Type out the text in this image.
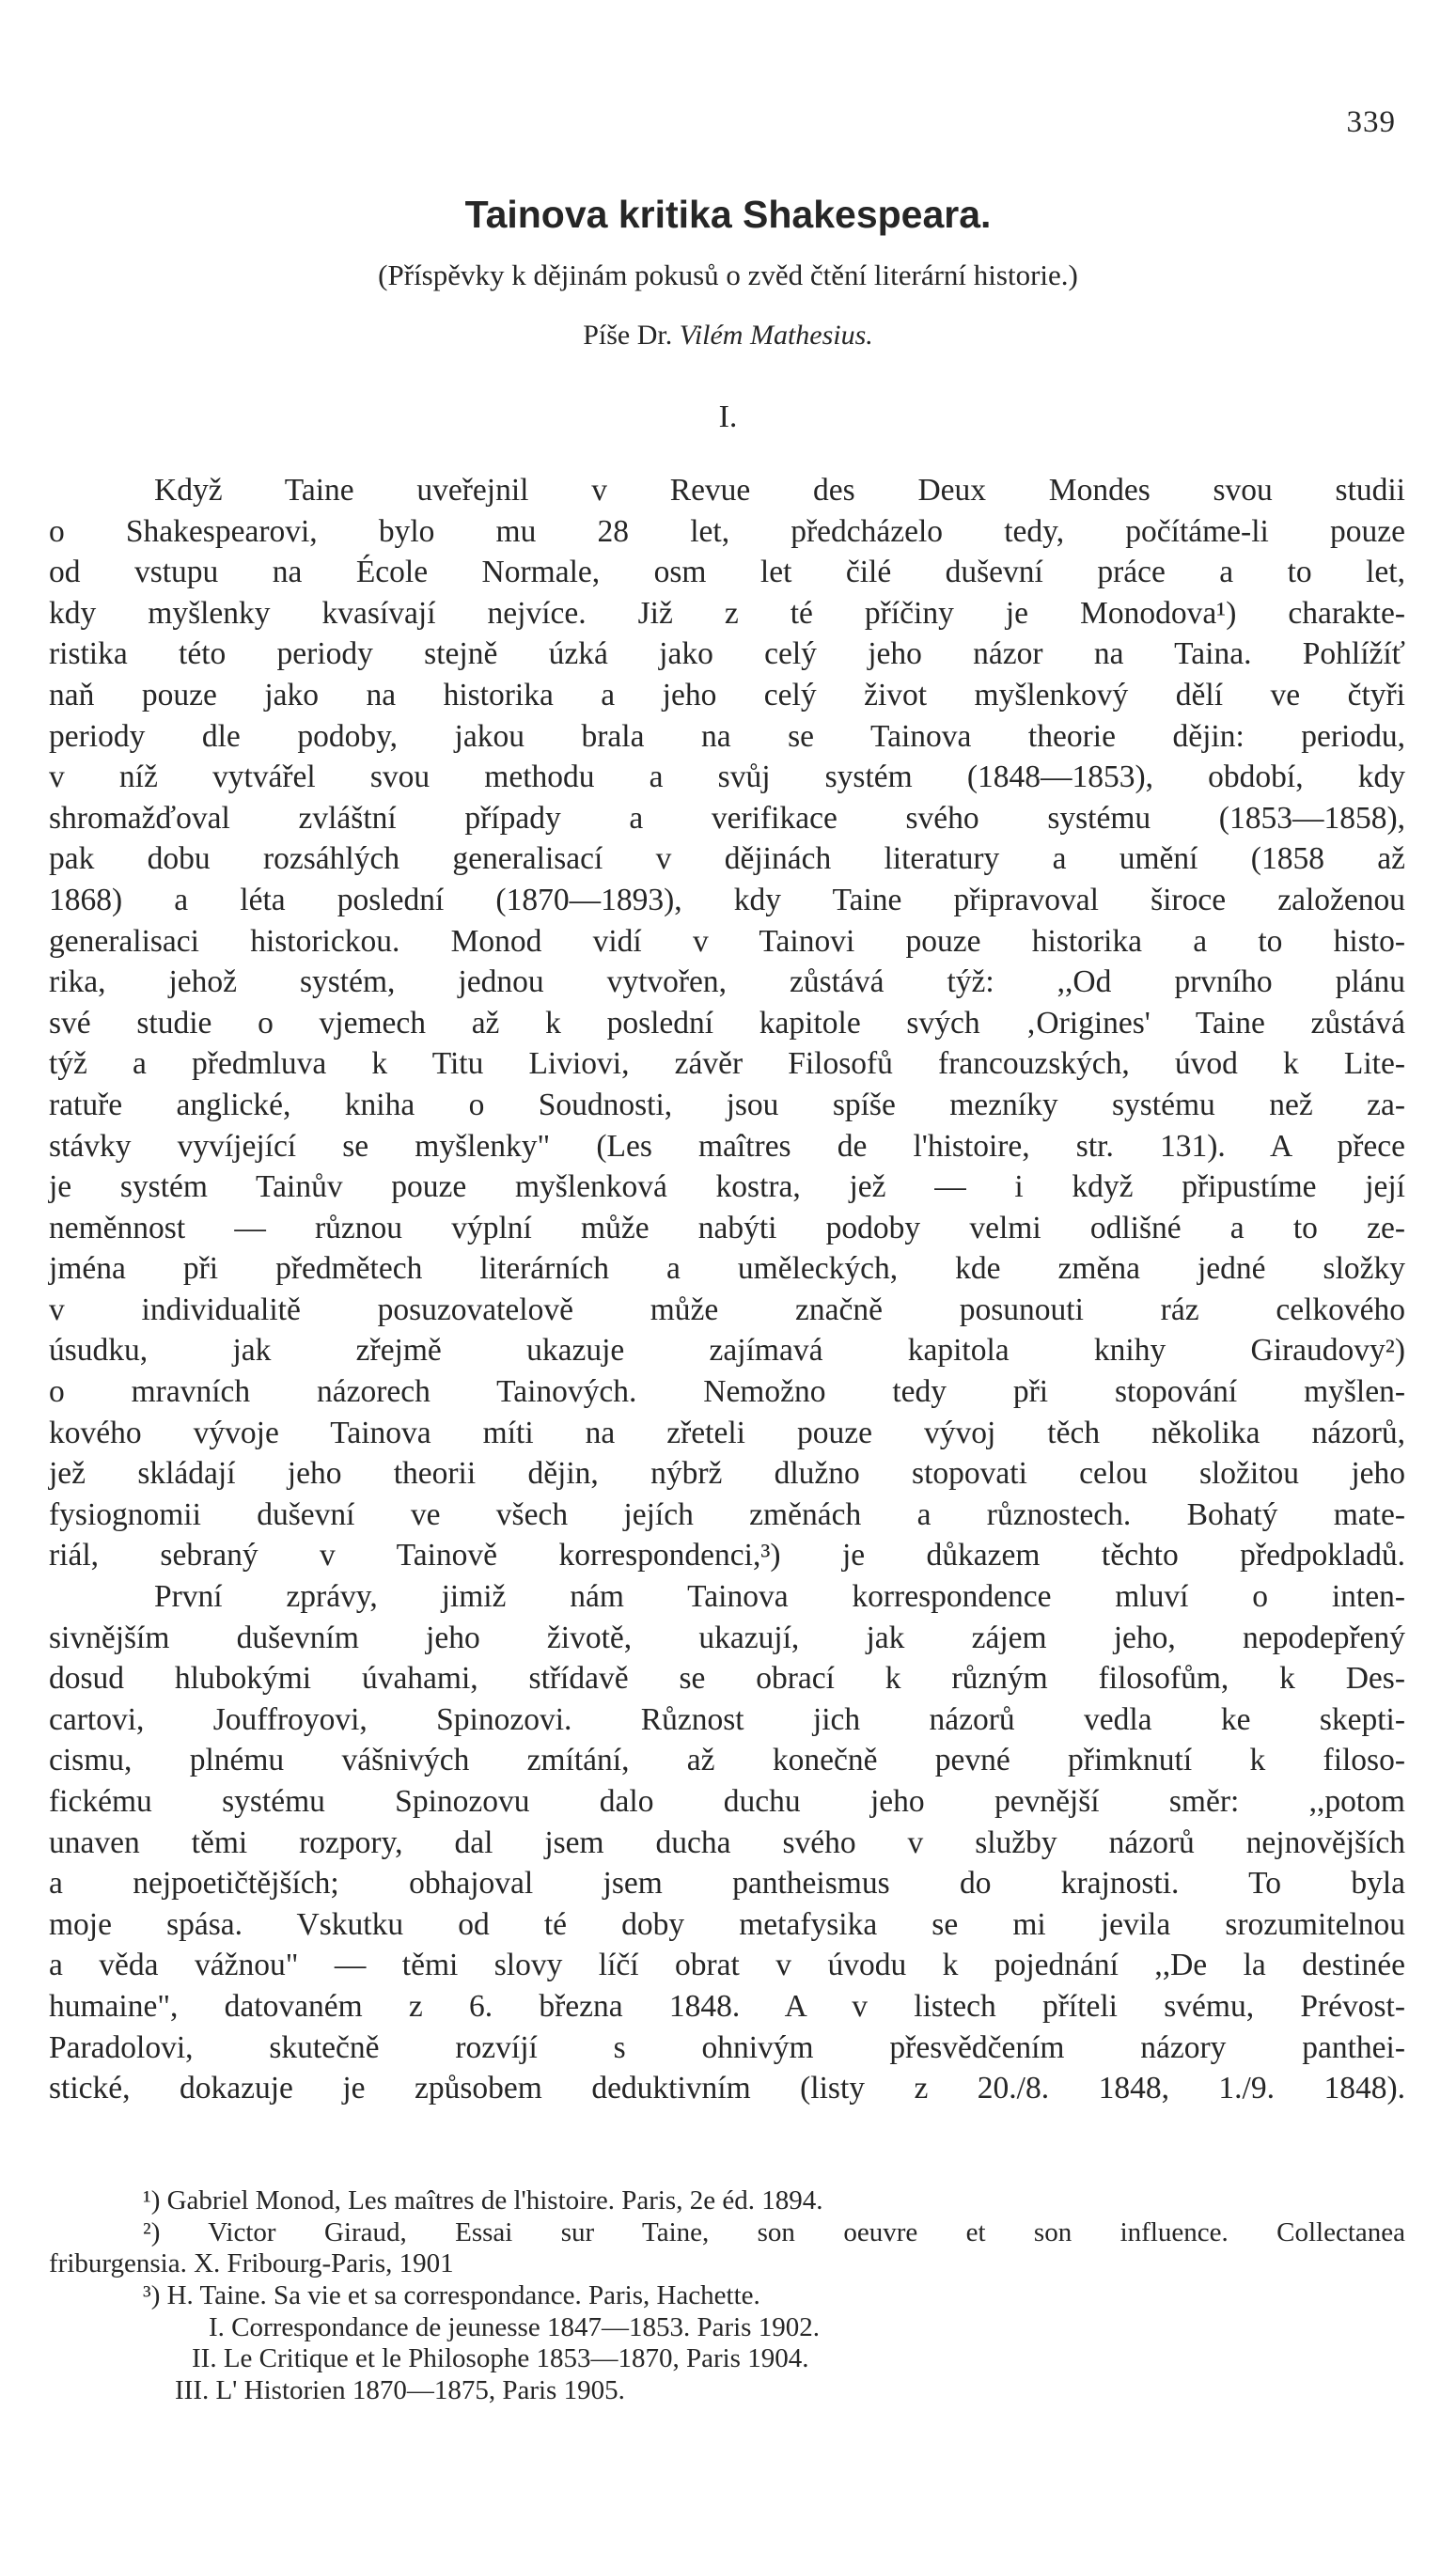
339
Tainova kritika Shakespeara.
(Příspěvky k dějinám pokusů o zvěd čtění literární historie.)
Píše Dr. Vilém Mathesius.
I.
Když Taine uveřejnil v Revue des Deux Mondes svou studii
o Shakespearovi, bylo mu 28 let, předcházelo tedy, počítáme-li pouze
od vstupu na École Normale, osm let čilé duševní práce a to let,
kdy myšlenky kvasívají nejvíce. Již z té příčiny je Monodova¹) charakte-
ristika této periody stejně úzká jako celý jeho názor na Taina. Pohlížíť
naň pouze jako na historika a jeho celý život myšlenkový dělí ve čtyři
periody dle podoby, jakou brala na se Tainova theorie dějin: periodu,
v níž vytvářel svou methodu a svůj systém (1848—1853), období, kdy
shromažďoval zvláštní případy a verifikace svého systému (1853—1858),
pak dobu rozsáhlých generalisací v dějinách literatury a umění (1858 až
1868) a léta poslední (1870—1893), kdy Taine připravoval široce založenou
generalisaci historickou. Monod vidí v Tainovi pouze historika a to histo-
rika, jehož systém, jednou vytvořen, zůstává týž: ,,Od prvního plánu
své studie o vjemech až k poslední kapitole svých ‚Origines' Taine zůstává
týž a předmluva k Titu Liviovi, závěr Filosofů francouzských, úvod k Lite-
ratuře anglické, kniha o Soudnosti, jsou spíše mezníky systému než za-
stávky vyvíjející se myšlenky" (Les maîtres de l'histoire, str. 131). A přece
je systém Tainův pouze myšlenková kostra, jež — i když připustíme její
neměnnost — různou výplní může nabýti podoby velmi odlišné a to ze-
jména při předmětech literárních a uměleckých, kde změna jedné složky
v individualitě posuzovatelově může značně posunouti ráz celkového
úsudku, jak zřejmě ukazuje zajímavá kapitola knihy Giraudovy²)
o mravních názorech Tainových. Nemožno tedy při stopování myšlen-
kového vývoje Tainova míti na zřeteli pouze vývoj těch několika názorů,
jež skládají jeho theorii dějin, nýbrž dlužno stopovati celou složitou jeho
fysiognomii duševní ve všech jejích změnách a různostech. Bohatý mate-
riál, sebraný v Tainově korrespondenci,³) je důkazem těchto předpokladů.
První zprávy, jimiž nám Tainova korrespondence mluví o inten-
sivnějším duševním jeho životě, ukazují, jak zájem jeho, nepodepřený
dosud hlubokými úvahami, střídavě se obrací k různým filosofům, k Des-
cartovi, Jouffroyovi, Spinozovi. Různost jich názorů vedla ke skepti-
cismu, plnému vášnivých zmítání, až konečně pevné přimknutí k filoso-
fickému systému Spinozovu dalo duchu jeho pevnější směr: ,,potom
unaven těmi rozpory, dal jsem ducha svého v služby názorů nejnovějších
a nejpoetičtějších; obhajoval jsem pantheismus do krajnosti. To byla
moje spása. Vskutku od té doby metafysika se mi jevila srozumitelnou
a věda vážnou" — těmi slovy líčí obrat v úvodu k pojednání ,,De la destinée
humaine", datovaném z 6. března 1848. A v listech příteli svému, Prévost-
Paradolovi, skutečně rozvíjí s ohnivým přesvědčením názory panthei-
stické, dokazuje je způsobem deduktivním (listy z 20./8. 1848, 1./9. 1848).
¹) Gabriel Monod, Les maîtres de l'histoire. Paris, 2e éd. 1894.
²) Victor Giraud, Essai sur Taine, son oeuvre et son influence. Collectanea
friburgensia. X. Fribourg-Paris, 1901
³) H. Taine. Sa vie et sa correspondance. Paris, Hachette.
I. Correspondance de jeunesse 1847—1853. Paris 1902.
II. Le Critique et le Philosophe 1853—1870, Paris 1904.
III. L' Historien 1870—1875, Paris 1905.
